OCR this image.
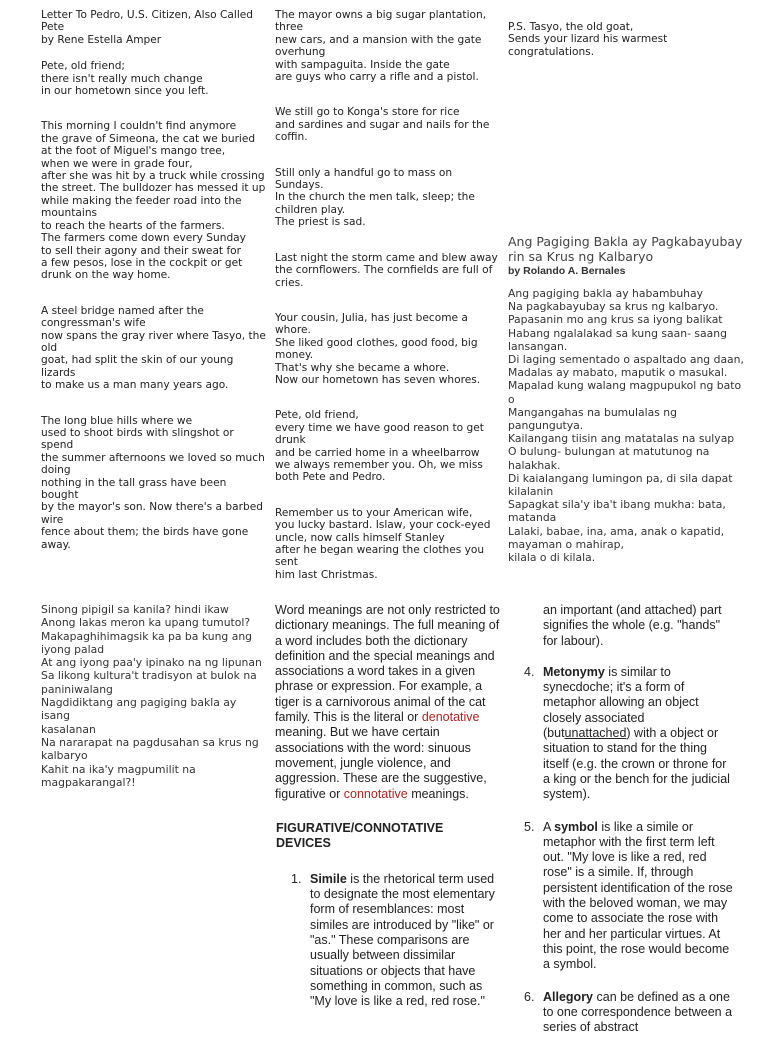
Letter To Pedro, U.S. Citizen, Also Called
Pete

by Rene Estella Amper

Pete, old friend;
there isn't really much change
in our hometown since you left.

This morning I couldn't find anymore
the grave of Simeona, the cat we buried
at the foot of Miguel's mango tree,
when we were in grade four,
after she was hit by a truck while crossing
the street. The bulldozer has messed it up
while making the feeder road into the
mountains
to reach the hearts of the farmers.
The farmers come down every Sunday
to sell their agony and their sweat for
a few pesos, lose in the cockpit or get
drunk on the way home.

A steel bridge named after the
congressman's wife
now spans the gray river where Tasyo, the
old
goat, had split the skin of our young
lizards
to make us a man many years ago.

The long blue hills where we
used to shoot birds with slingshot or
spend
the summer afternoons we loved so much
doing
nothing in the tall grass have been
bought
by the mayor's son. Now there's a barbed
wire
fence about them; the birds have gone
away.

The mayor owns a big sugar plantation,
three
new cars, and a mansion with the gate
overhung
with sampaguita. Inside the gate
are guys who carry a rifle and a pistol.

We still go to Konga's store for rice
and sardines and sugar and nails for the
coffin.

Still only a handful go to mass on
Sundays.
In the church the men talk, sleep; the
children play.
The priest is sad.

Last night the storm came and blew away
the cornflowers. The cornfields are full of
cries.

Your cousin, Julia, has just become a
whore.
She liked good clothes, good food, big
money.
That's why she became a whore.
Now our hometown has seven whores.

Pete, old friend,
every time we have good reason to get
drunk
and be carried home in a wheelbarrow
we always remember you. Oh, we miss
both Pete and Pedro.

Remember us to your American wife,
you lucky bastard. Islaw, your cock-eyed
uncle, now calls himself Stanley
after he began wearing the clothes you
sent
him last Christmas.

P.S. Tasyo, the old goat,
Sends your lizard his warmest
congratulations.

Ang Pagiging Bakla ay Pagkabayubay
rin sa Krus ng Kalbaryo

by Rolando A. Bernales

Ang pagiging bakla ay habambuhay
Na pagkabayubay sa krus ng kalbaryo.
Papasanin mo ang krus sa iyong balikat
Habang ngalalakad sa kung saan- saang
lansangan.
Di laging sementado o aspaltado ang daan,
Madalas ay mabato, maputik o masukal.
Mapalad kung walang magpupukol ng bato
o
Mangangahas na bumulalas ng
pangungutya.
Kailangang tiisin ang matatalas na sulyap
O bulung- bulungan at matutunog na
halakhak.
Di kaialangang lumingon pa, di sila dapat
kilalanin
Sapagkat sila'y iba't ibang mukha: bata,
matanda
Lalaki, babae, ina, ama, anak o kapatid,
mayaman o mahirap,
kilala o di kilala.

Sinong pipigil sa kanila? hindi ikaw
Anong lakas meron ka upang tumutol?
Makapaghihimagsik ka pa ba kung ang
iyong palad
At ang iyong paa'y ipinako na ng lipunan
Sa likong kultura't tradisyon at bulok na
paniniwalang
Nagdidiktang ang pagiging bakla ay isang
kasalanan
Na nararapat na pagdusahan sa krus ng
kalbaryo
Kahit na ika'y magpumilit na
magpakarangal?!

Word meanings are not only restricted to dictionary meanings. The full meaning of a word includes both the dictionary definition and the special meanings and associations a word takes in a given phrase or expression. For example, a tiger is a carnivorous animal of the cat family. This is the literal or denotative meaning. But we have certain associations with the word: sinuous movement, jungle violence, and aggression. These are the suggestive, figurative or connotative meanings.

FIGURATIVE/CONNOTATIVE DEVICES

1. Simile is the rhetorical term used to designate the most elementary form of resemblances: most similes are introduced by "like" or "as." These comparisons are usually between dissimilar situations or objects that have something in common, such as "My love is like a red, red rose."

an important (and attached) part signifies the whole (e.g. "hands" for labour).

4. Metonymy is similar to synecdoche; it's a form of metaphor allowing an object closely associated (butunattached) with a object or situation to stand for the thing itself (e.g. the crown or throne for a king or the bench for the judicial system).
5. A symbol is like a simile or metaphor with the first term left out. "My love is like a red, red rose" is a simile. If, through persistent identification of the rose with the beloved woman, we may come to associate the rose with her and her particular virtues. At this point, the rose would become a symbol.
6. Allegory can be defined as a one to one correspondence between a series of abstract
